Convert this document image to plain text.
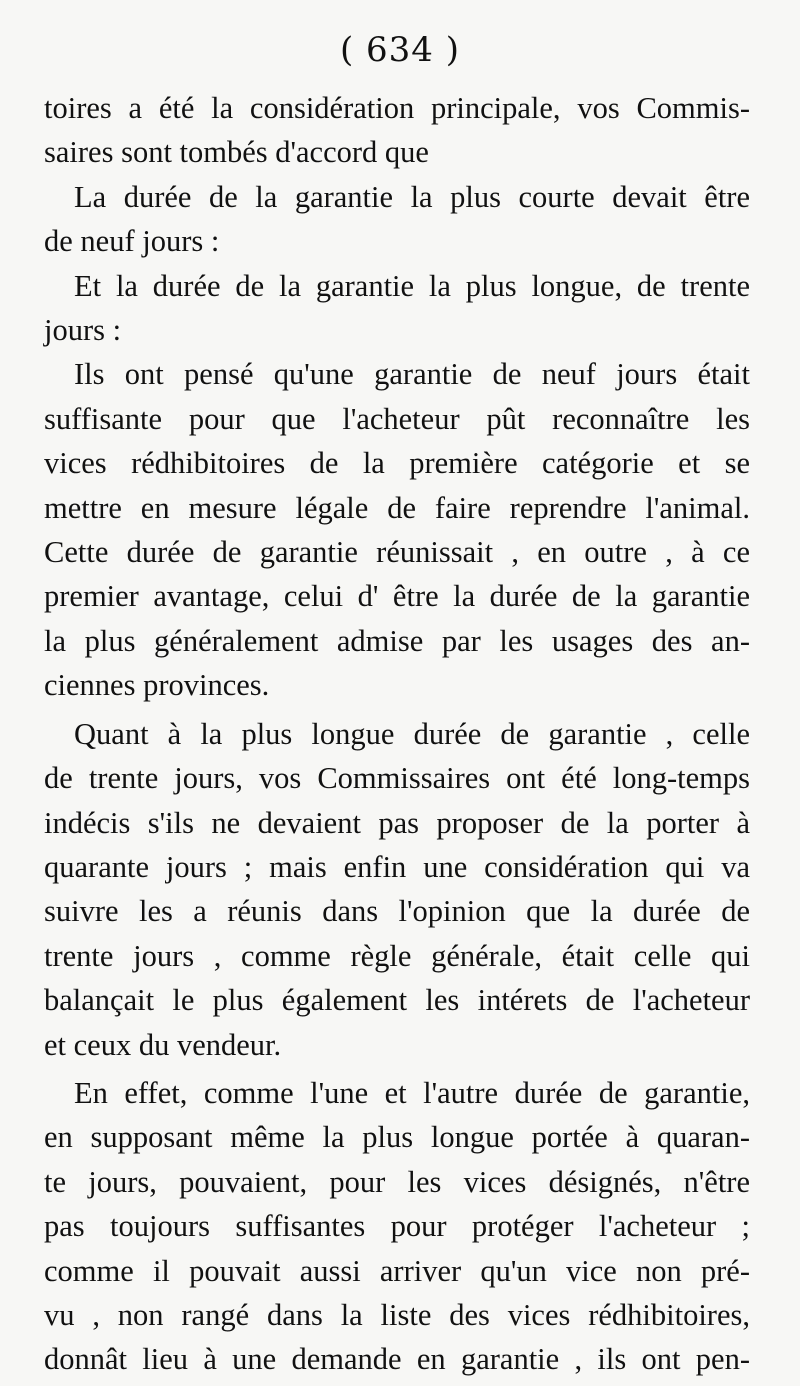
( 634 )
toires a été la considération principale, vos Commis-
saires sont tombés d'accord que
La durée de la garantie la plus courte devait être
de neuf jours :
Et la durée de la garantie la plus longue, de trente
jours :
Ils ont pensé qu'une garantie de neuf jours était
suffisante pour que l'acheteur pût reconnaître les
vices rédhibitoires de la première catégorie et se
mettre en mesure légale de faire reprendre l'animal.
Cette durée de garantie réunissait , en outre , à ce
premier avantage, celui d' être la durée de la garantie
la plus généralement admise par les usages des an-
ciennes provinces.
Quant à la plus longue durée de garantie , celle
de trente jours, vos Commissaires ont été long-temps
indécis s'ils ne devaient pas proposer de la porter à
quarante jours ; mais enfin une considération qui va
suivre les a réunis dans l'opinion que la durée de
trente jours , comme règle générale, était celle qui
balançait le plus également les intérets de l'acheteur
et ceux du vendeur.
En effet, comme l'une et l'autre durée de garantie,
en supposant même la plus longue portée à quaran-
te jours, pouvaient, pour les vices désignés, n'être
pas toujours suffisantes pour protéger l'acheteur ;
comme il pouvait aussi arriver qu'un vice non pré-
vu , non rangé dans la liste des vices rédhibitoires,
donnât lieu à une demande en garantie , ils ont pen-
